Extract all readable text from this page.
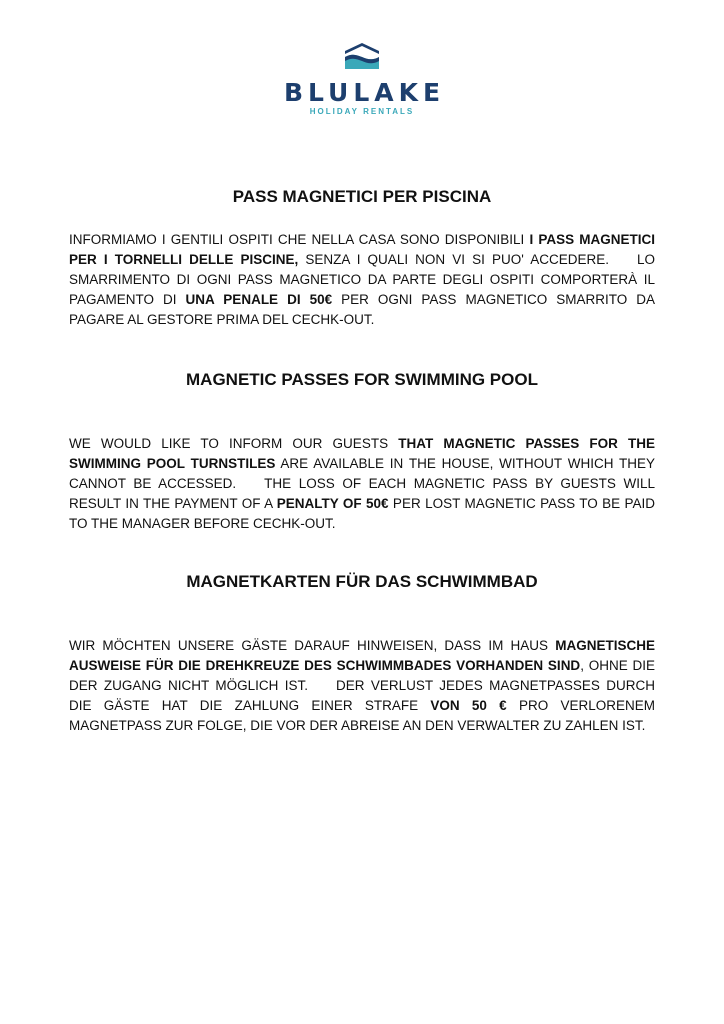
BLULAKE
HOLIDAY RENTALS
PASS MAGNETICI PER PISCINA

INFORMIAMO I GENTILI OSPITI CHE NELLA CASA SONO DISPONIBILI I PASS MAGNETICI PER I TORNELLI DELLE PISCINE, SENZA I QUALI NON VI SI PUO' ACCEDERE. LO SMARRIMENTO DI OGNI PASS MAGNETICO DA PARTE DEGLI OSPITI COMPORTERÀ IL PAGAMENTO DI UNA PENALE DI 50€ PER OGNI PASS MAGNETICO SMARRITO DA PAGARE AL GESTORE PRIMA DEL CECHK-OUT.

MAGNETIC PASSES FOR SWIMMING POOL

WE WOULD LIKE TO INFORM OUR GUESTS THAT MAGNETIC PASSES FOR THE SWIMMING POOL TURNSTILES ARE AVAILABLE IN THE HOUSE, WITHOUT WHICH THEY CANNOT BE ACCESSED. THE LOSS OF EACH MAGNETIC PASS BY GUESTS WILL RESULT IN THE PAYMENT OF A PENALTY OF 50€ PER LOST MAGNETIC PASS TO BE PAID TO THE MANAGER BEFORE CECHK-OUT.

MAGNETKARTEN FÜR DAS SCHWIMMBAD

WIR MÖCHTEN UNSERE GÄSTE DARAUF HINWEISEN, DASS IM HAUS MAGNETISCHE AUSWEISE FÜR DIE DREHKREUZE DES SCHWIMMBADES VORHANDEN SIND, OHNE DIE DER ZUGANG NICHT MÖGLICH IST. DER VERLUST JEDES MAGNETPASSES DURCH DIE GÄSTE HAT DIE ZAHLUNG EINER STRAFE VON 50 € PRO VERLORENEM MAGNETPASS ZUR FOLGE, DIE VOR DER ABREISE AN DEN VERWALTER ZU ZAHLEN IST.
